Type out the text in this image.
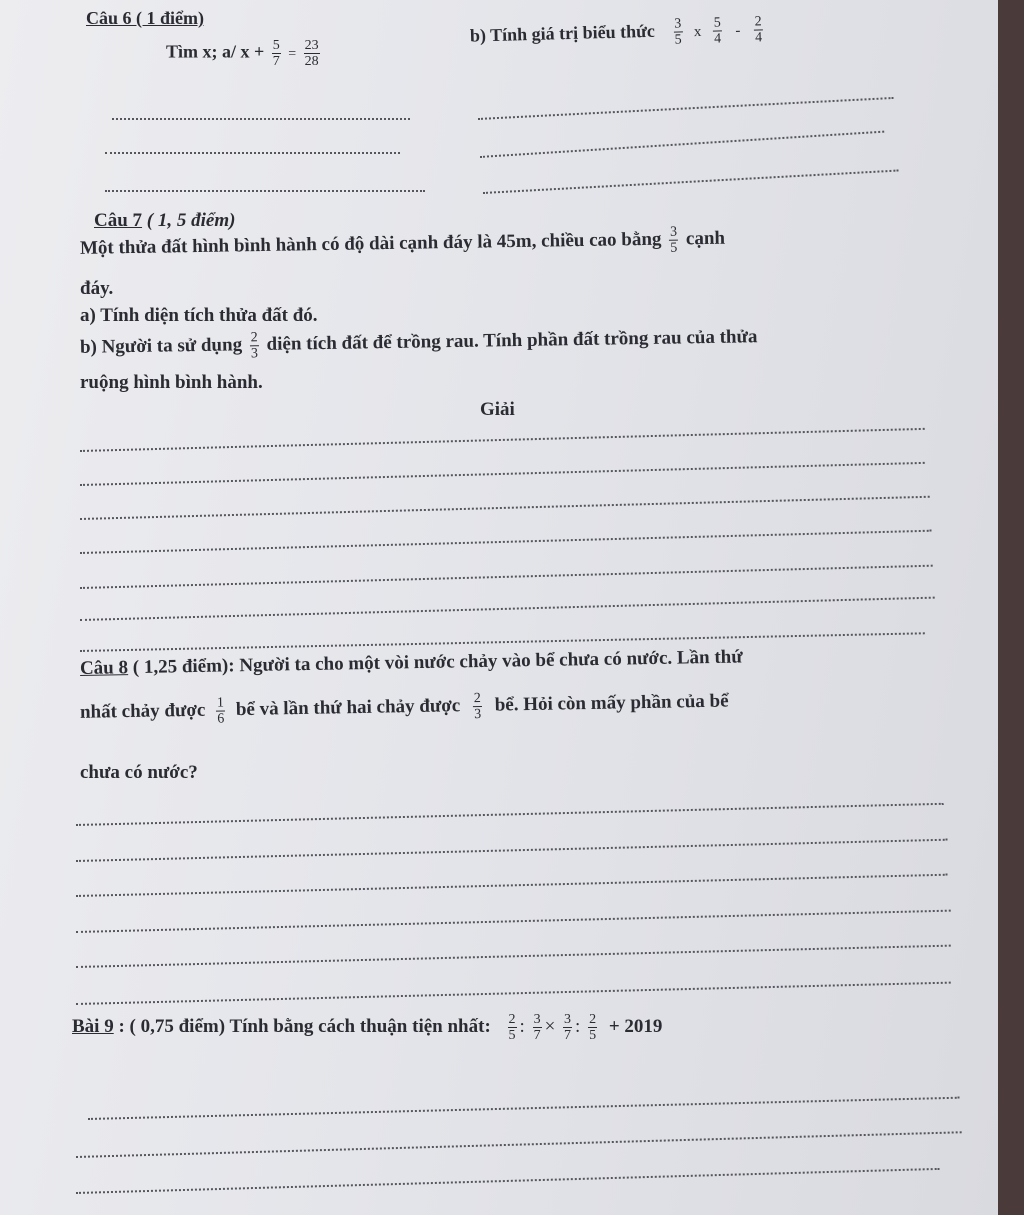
Câu 6 ( 1 điểm)
Tìm x; a/ $x + \frac{5}{7} = \frac{23}{28}$
b) Tính giá trị biểu thức $\frac{3}{5}$ x $\frac{5}{4} - \frac{2}{4}$
Câu 7 ( 1, 5 điểm)
Một thửa đất hình bình hành có độ dài cạnh đáy là 45m, chiều cao bằng $\frac{3}{5}$ cạnh
đáy.
a) Tính diện tích thửa đất đó.
b) Người ta sử dụng $\frac{2}{3}$ diện tích đất để trồng rau. Tính phần đất trồng rau của thửa
ruộng hình bình hành.
Giải
Câu 8 ( 1,25 điểm): Người ta cho một vòi nước chảy vào bể chưa có nước. Lần thứ
nhất chảy được $\frac{1}{6}$ bể và lần thứ hai chảy được $\frac{2}{3}$ bể. Hỏi còn mấy phần của bể
chưa có nước?
Bài 9 : ( 0,75 điểm) Tính bằng cách thuận tiện nhất: $\frac{2}{5}$ : $\frac{3}{7} \times \frac{3}{7}$ : $\frac{2}{5} + 2019$
